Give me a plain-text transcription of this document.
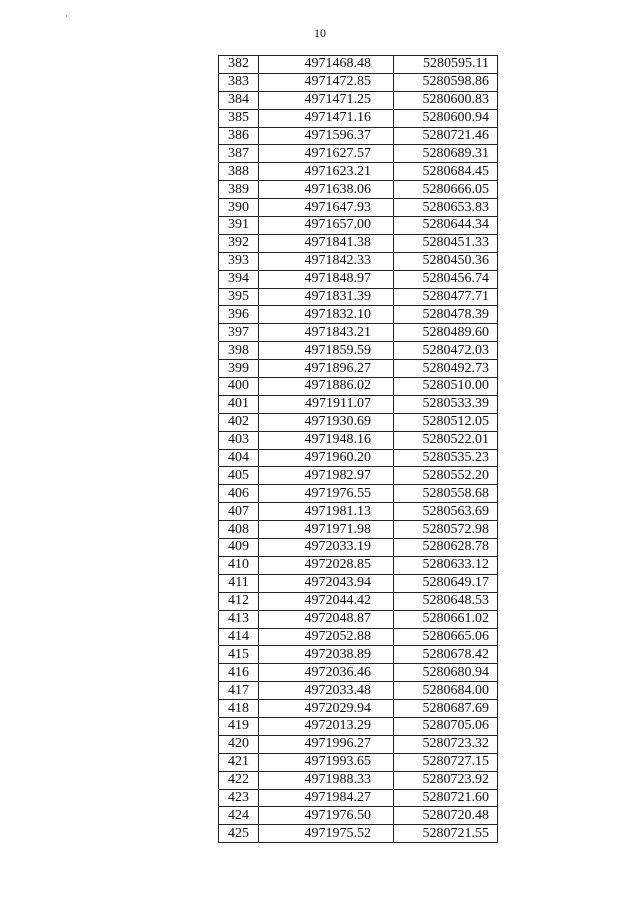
10
382	4971468.48	5280595.11
383	4971472.85	5280598.86
384	4971471.25	5280600.83
385	4971471.16	5280600.94
386	4971596.37	5280721.46
387	4971627.57	5280689.31
388	4971623.21	5280684.45
389	4971638.06	5280666.05
390	4971647.93	5280653.83
391	4971657.00	5280644.34
392	4971841.38	5280451.33
393	4971842.33	5280450.36
394	4971848.97	5280456.74
395	4971831.39	5280477.71
396	4971832.10	5280478.39
397	4971843.21	5280489.60
398	4971859.59	5280472.03
399	4971896.27	5280492.73
400	4971886.02	5280510.00
401	4971911.07	5280533.39
402	4971930.69	5280512.05
403	4971948.16	5280522.01
404	4971960.20	5280535.23
405	4971982.97	5280552.20
406	4971976.55	5280558.68
407	4971981.13	5280563.69
408	4971971.98	5280572.98
409	4972033.19	5280628.78
410	4972028.85	5280633.12
411	4972043.94	5280649.17
412	4972044.42	5280648.53
413	4972048.87	5280661.02
414	4972052.88	5280665.06
415	4972038.89	5280678.42
416	4972036.46	5280680.94
417	4972033.48	5280684.00
418	4972029.94	5280687.69
419	4972013.29	5280705.06
420	4971996.27	5280723.32
421	4971993.65	5280727.15
422	4971988.33	5280723.92
423	4971984.27	5280721.60
424	4971976.50	5280720.48
425	4971975.52	5280721.55
